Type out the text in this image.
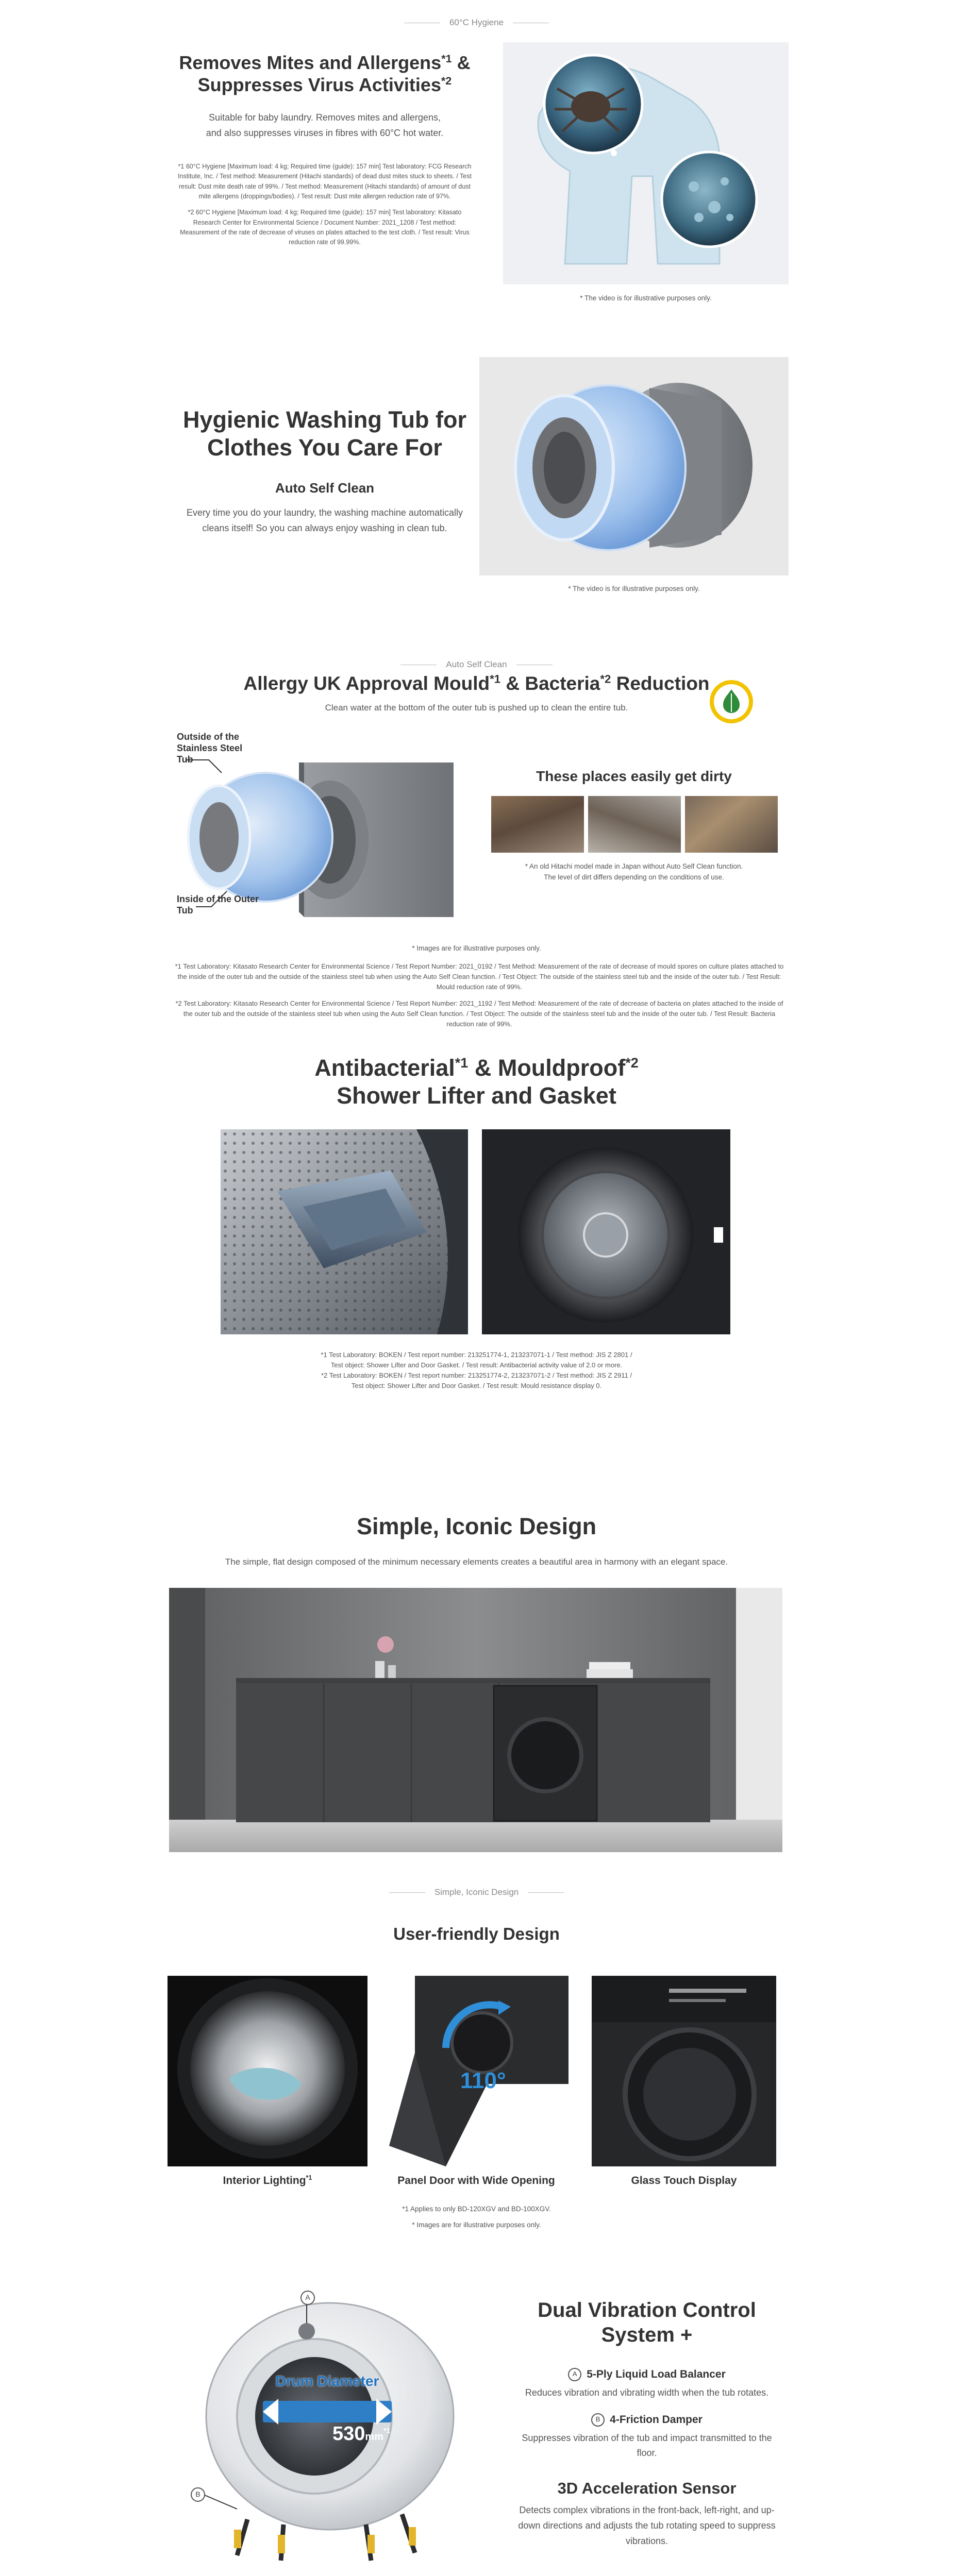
60°C Hygiene
Removes Mites and Allergens$^{*1}$ &
Suppresses Virus Activities$^{*2}$
Suitable for baby laundry. Removes mites and allergens, and also suppresses viruses in fibres with 60°C hot water.
*1 60°C Hygiene [Maximum load: 4 kg; Required time (guide): 157 min] Test laboratory: FCG Research Institute, Inc. / Test method: Measurement (Hitachi standards) of dead dust mites stuck to sheets. / Test result: Dust mite death rate of 99%. / Test method: Measurement (Hitachi standards) of amount of dust mite allergens (droppings/bodies). / Test result: Dust mite allergen reduction rate of 97%.
*2 60°C Hygiene [Maximum load: 4 kg; Required time (guide): 157 min] Test laboratory: Kitasato Research Center for Environmental Science / Document Number: 2021_1208 / Test method: Measurement of the rate of decrease of viruses on plates attached to the test cloth. / Test result: Virus reduction rate of 99.99%.
* The video is for illustrative purposes only.
Hygienic Washing Tub for
Clothes You Care For
Auto Self Clean
Every time you do your laundry, the washing machine automatically cleans itself! So you can always enjoy washing in clean tub.
* The video is for illustrative purposes only.
Auto Self Clean
Allergy UK Approval Mould$^{*1}$ & Bacteria$^{*2}$ Reduction
Clean water at the bottom of the outer tub is pushed up to clean the entire tub.
Outside of the Stainless Steel Tub
Inside of the Outer Tub
These places easily get dirty
* An old Hitachi model made in Japan without Auto Self Clean function.
The level of dirt differs depending on the conditions of use.
* Images are for illustrative purposes only.
*1 Test Laboratory: Kitasato Research Center for Environmental Science / Test Report Number: 2021_0192 / Test Method: Measurement of the rate of decrease of mould spores on culture plates attached to the inside of the outer tub and the outside of the stainless steel tub when using the Auto Self Clean function. / Test Object: The outside of the stainless steel tub and the inside of the outer tub. / Test Result: Mould reduction rate of 99%.
*2 Test Laboratory: Kitasato Research Center for Environmental Science / Test Report Number: 2021_1192 / Test Method: Measurement of the rate of decrease of bacteria on plates attached to the inside of the outer tub and the outside of the stainless steel tub when using the Auto Self Clean function. / Test Object: The outside of the stainless steel tub and the inside of the outer tub. / Test Result: Bacteria reduction rate of 99%.
Antibacterial$^{*1}$ & Mouldproof$^{*2}$
Shower Lifter and Gasket
*1 Test Laboratory: BOKEN / Test report number: 213251774-1, 213237071-1 / Test method: JIS Z 2801 /
Test object: Shower Lifter and Door Gasket. / Test result: Antibacterial activity value of 2.0 or more.
*2 Test Laboratory: BOKEN / Test report number: 213251774-2, 213237071-2 / Test method: JIS Z 2911 /
Test object: Shower Lifter and Door Gasket. / Test result: Mould resistance display 0.
Simple, Iconic Design
The simple, flat design composed of the minimum necessary elements creates a beautiful area in harmony with an elegant space.
Simple, Iconic Design
User-friendly Design
110°
Interior Lighting$^{*1}$	Panel Door with Wide Opening	Glass Touch Display
*1 Applies to only BD-120XGV and BD-100XGV.
* Images are for illustrative purposes only.
A
B
Drum Diameter
$530mm^{*1}$
Dual Vibration Control
System +
A 5-Ply Liquid Load Balancer
Reduces vibration and vibrating width when the tub rotates.
B 4-Friction Damper
Suppresses vibration of the tub and impact transmitted to the floor.
3D Acceleration Sensor
Detects complex vibrations in the front-back, left-right, and up-down directions and adjusts the tub rotating speed to suppress vibrations.
